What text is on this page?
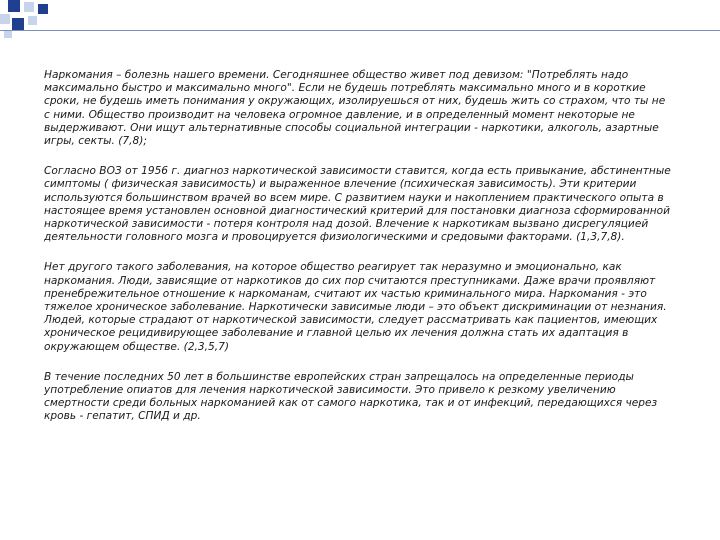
Наркомания – болезнь нашего времени. Сегодняшнее общество живет под девизом: "Потреблять надо максимально быстро и максимально много". Если не будешь потреблять максимально много и в короткие сроки, не будешь иметь понимания у окружающих, изолируешься от них, будешь жить со страхом, что ты не с ними. Общество производит на человека огромное давление, и в определенный момент некоторые не выдерживают. Они ищут альтернативные способы социальной интеграции - наркотики, алкоголь, азартные игры, секты. (7,8);

Согласно ВОЗ от 1956 г. диагноз наркотической зависимости ставится, когда есть привыкание, абстинентные симптомы ( физическая зависимость) и выраженное влечение (психическая зависимость). Эти критерии используются большинством врачей во всем мире. С развитием науки и накоплением практического опыта в настоящее время установлен основной диагностический критерий для постановки диагноза сформированной наркотической зависимости - потеря контроля над дозой. Влечение к наркотикам вызвано дисрегуляцией деятельности головного мозга и провоцируется физиологическими и средовыми факторами. (1,3,7,8).

Нет другого такого заболевания, на которое общество реагирует так неразумно и эмоционально, как наркомания. Люди, зависящие от наркотиков до сих пор считаются преступниками. Даже врачи проявляют пренебрежительное отношение к наркоманам, считают их частью криминального мира. Наркомания - это тяжелое хроническое заболевание. Наркотически зависимые люди – это объект дискриминации от незнания. Людей, которые страдают от наркотической зависимости, следует рассматривать как пациентов, имеющих хроническое рецидивирующее заболевание и главной целью их лечения должна стать их адаптация в окружающем обществе. (2,3,5,7)

В течение последних 50 лет в большинстве европейских стран запрещалось на определенные периоды употребление опиатов для лечения наркотической зависимости. Это привело к резкому увеличению смертности среди больных наркоманией как от самого наркотика, так и от инфекций, передающихся через кровь - гепатит, СПИД и др.
